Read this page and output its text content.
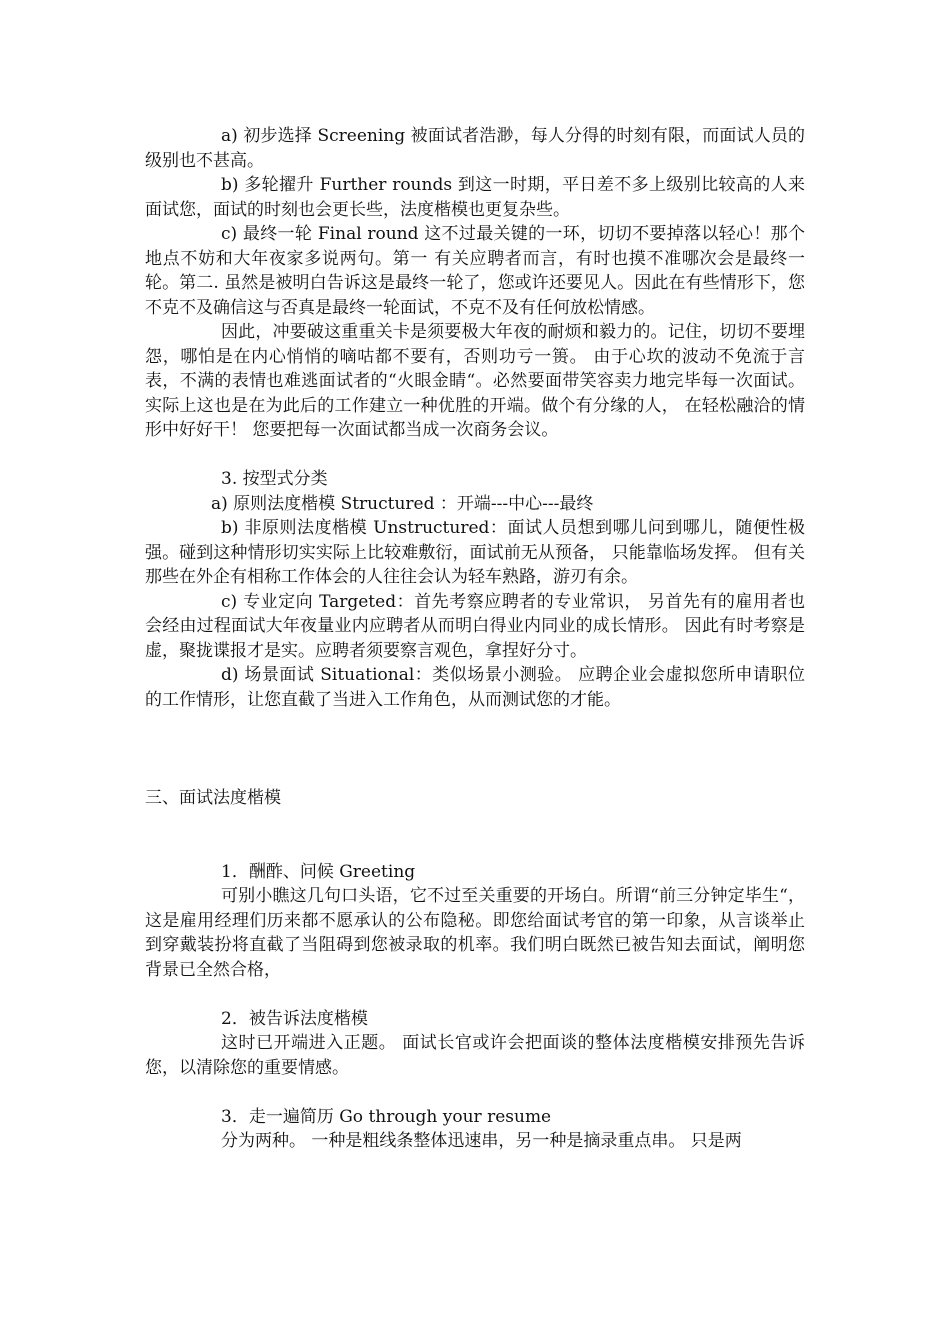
a) 初步选择 Screening 被面试者浩渺，每人分得的时刻有限，而面试人员的级别也不甚高。

b) 多轮擢升 Further rounds 到这一时期，平日差不多上级别比较高的人来面试您，面试的时刻也会更长些，法度楷模也更复杂些。

c) 最终一轮 Final round 这不过最关键的一环，切切不要掉落以轻心！那个地点不妨和大年夜家多说两句。第一 有关应聘者而言，有时也摸不准哪次会是最终一轮。第二. 虽然是被明白告诉这是最终一轮了，您或许还要见人。因此在有些情形下，您不克不及确信这与否真是最终一轮面试，不克不及有任何放松情感。

因此，冲要破这重重关卡是须要极大年夜的耐烦和毅力的。记住，切切不要埋怨，哪怕是在内心悄悄的嘀咕都不要有，否则功亏一篑。 由于心坎的波动不免流于言表，不满的表情也难逃面试者的“火眼金睛“。必然要面带笑容卖力地完毕每一次面试。实际上这也是在为此后的工作建立一种优胜的开端。做个有分缘的人， 在轻松融洽的情形中好好干！ 您要把每一次面试都当成一次商务会议。

3. 按型式分类

a) 原则法度楷模 Structured ：开端---中心---最终

b) 非原则法度楷模 Unstructured：面试人员想到哪儿问到哪儿，随便性极强。碰到这种情形切实实际上比较难敷衍，面试前无从预备， 只能靠临场发挥。 但有关那些在外企有相称工作体会的人往往会认为轻车熟路，游刃有余。

c) 专业定向 Targeted：首先考察应聘者的专业常识， 另首先有的雇用者也会经由过程面试大年夜量业内应聘者从而明白得业内同业的成长情形。 因此有时考察是虚，聚拢谍报才是实。应聘者须要察言观色，拿捏好分寸。

d) 场景面试 Situational：类似场景小测验。 应聘企业会虚拟您所申请职位的工作情形，让您直截了当进入工作角色，从而测试您的才能。

三、面试法度楷模

1．酬酢、问候 Greeting

可别小瞧这几句口头语，它不过至关重要的开场白。所谓“前三分钟定毕生“，这是雇用经理们历来都不愿承认的公布隐秘。即您给面试考官的第一印象，从言谈举止到穿戴装扮将直截了当阻碍到您被录取的机率。我们明白既然已被告知去面试，阐明您背景已全然合格，

2．被告诉法度楷模

这时已开端进入正题。 面试长官或许会把面谈的整体法度楷模安排预先告诉您，以清除您的重要情感。

3．走一遍简历 Go through your resume

分为两种。 一种是粗线条整体迅速串，另一种是摘录重点串。 只是两
